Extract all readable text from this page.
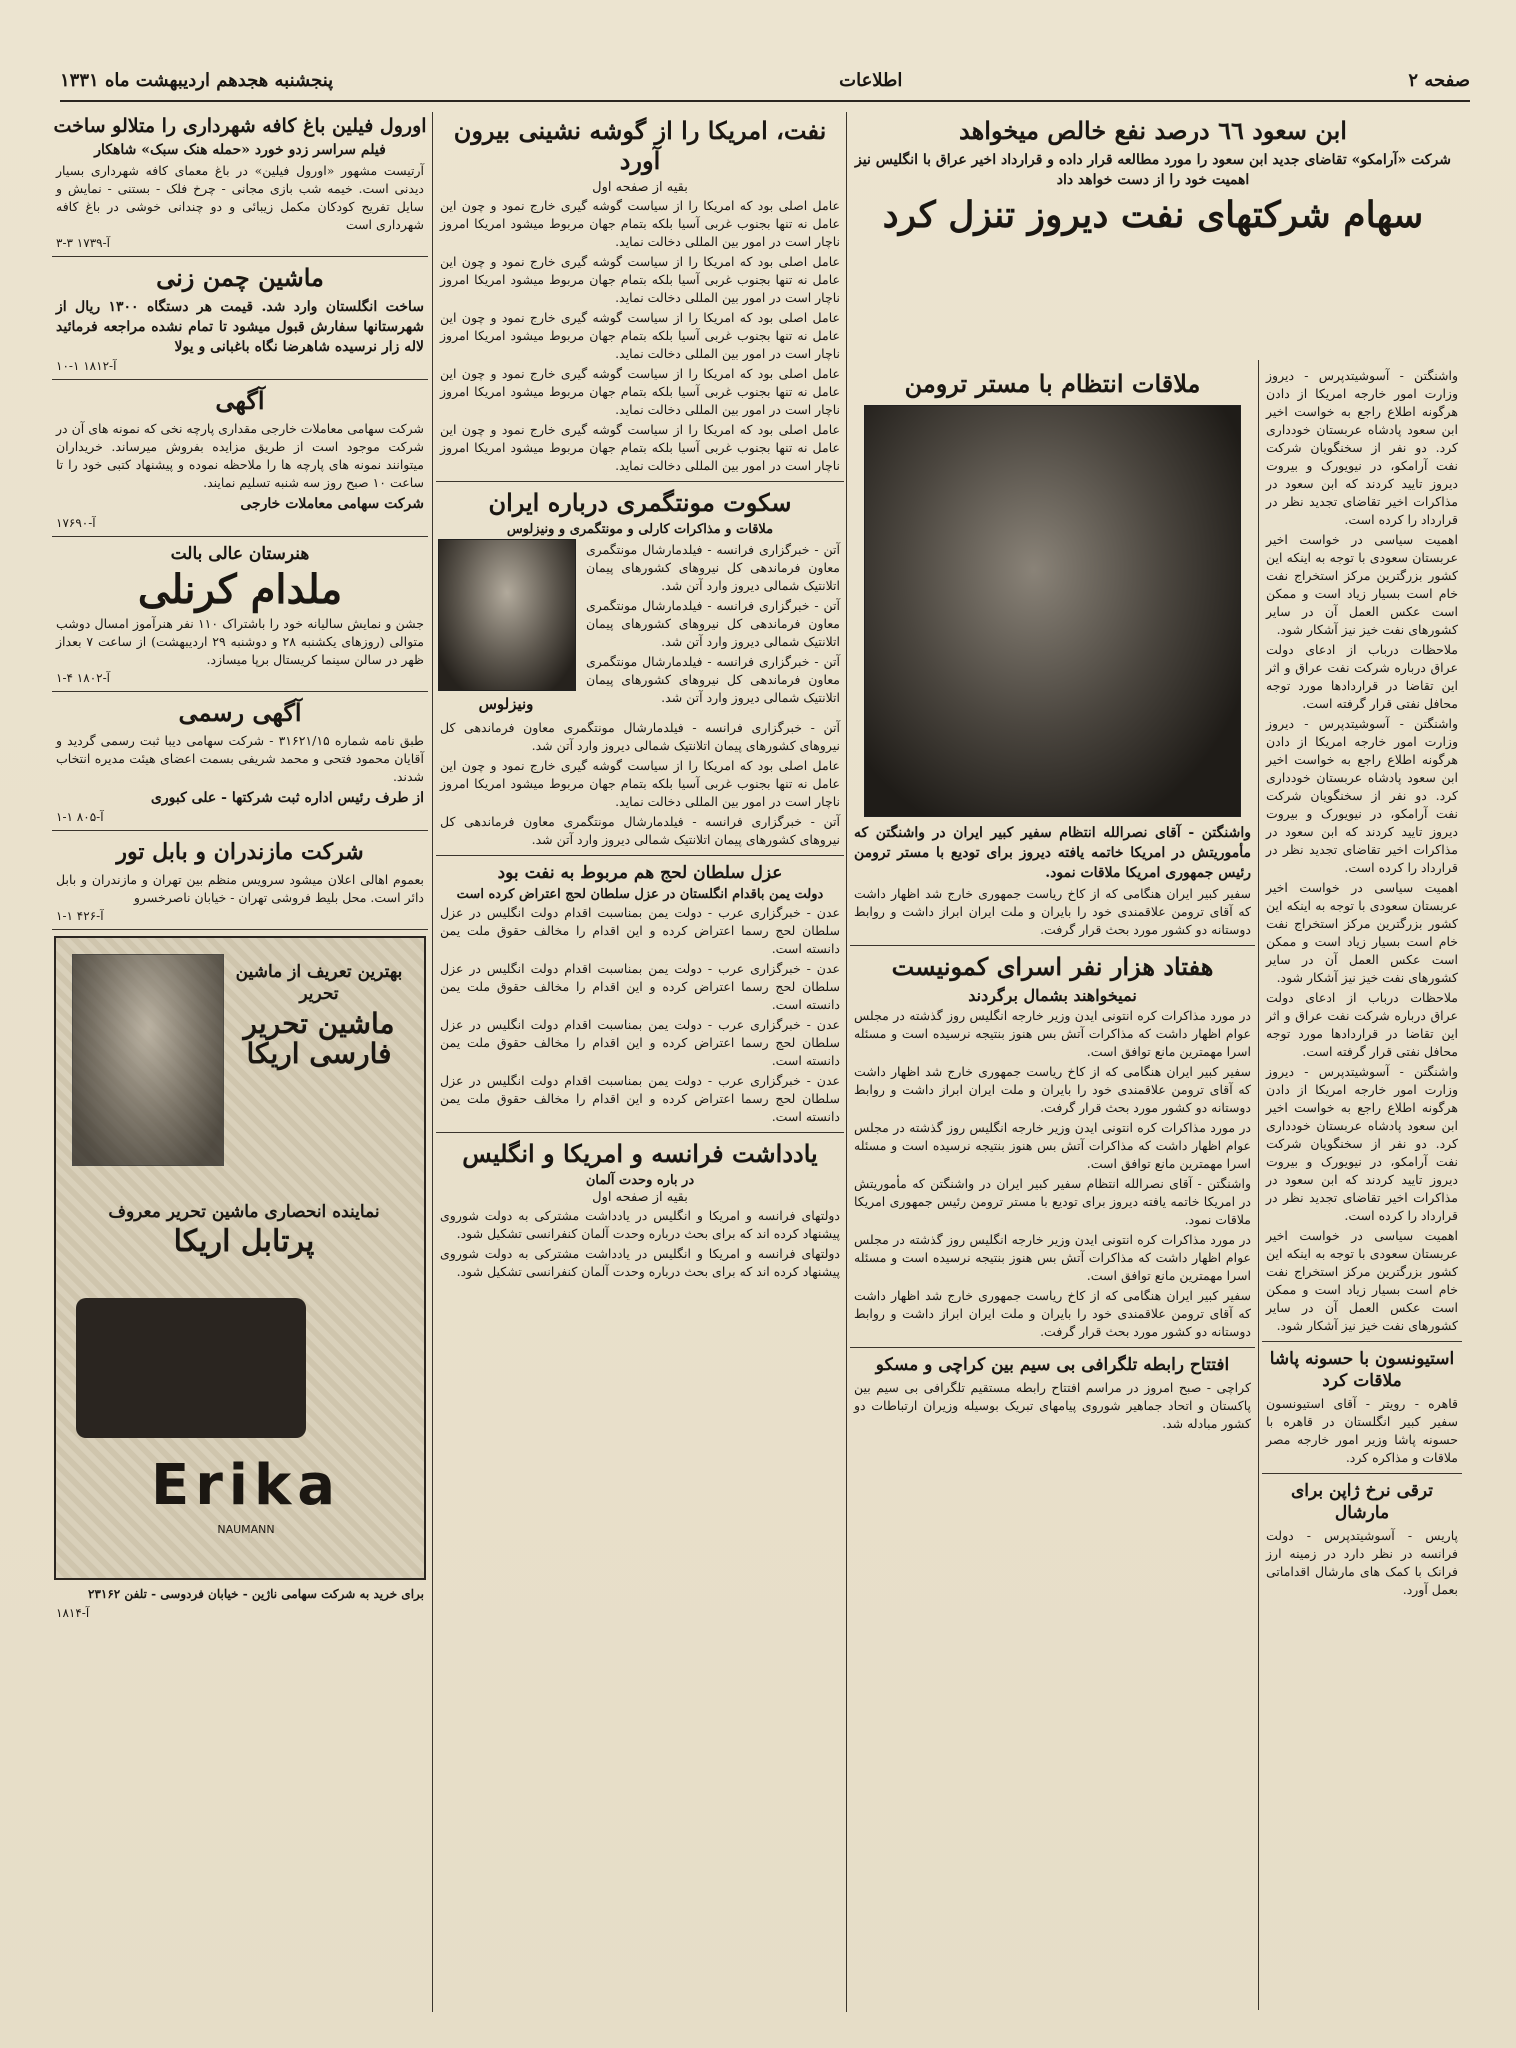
صفحه ۲
اطلاعات
پنجشنبه هجدهم اردیبهشت ماه ۱۳۳۱
ابن سعود ٦٦ درصد نفع خالص میخواهد
شرکت «آرامکو» تقاضای جدید ابن سعود را مورد مطالعه قرار داده و قرارداد اخیر عراق با انگلیس نیز اهمیت خود را از دست خواهد داد
سهام شرکتهای نفت دیروز تنزل کرد
واشنگتن - آسوشیتدپرس - دیروز وزارت امور خارجه امریکا از دادن هرگونه اطلاع راجع به خواست اخیر ابن سعود پادشاه عربستان خودداری کرد. دو نفر از سخنگویان شرکت نفت آرامکو، در نیویورک و بیروت دیروز تایید کردند که ابن سعود در مذاکرات اخیر تقاضای تجدید نظر در قرارداد را کرده است.
اهمیت سیاسی در خواست اخیر عربستان سعودی با توجه به اینکه این کشور بزرگترین مرکز استخراج نفت خام است بسیار زیاد است و ممکن است عکس العمل آن در سایر کشورهای نفت خیز نیز آشکار شود.
ملاحظات درباب از ادعای دولت عراق درباره شرکت نفت عراق و اثر این تقاضا در قراردادها مورد توجه محافل نفتی قرار گرفته است.
واشنگتن - آسوشیتدپرس - دیروز وزارت امور خارجه امریکا از دادن هرگونه اطلاع راجع به خواست اخیر ابن سعود پادشاه عربستان خودداری کرد. دو نفر از سخنگویان شرکت نفت آرامکو، در نیویورک و بیروت دیروز تایید کردند که ابن سعود در مذاکرات اخیر تقاضای تجدید نظر در قرارداد را کرده است.
اهمیت سیاسی در خواست اخیر عربستان سعودی با توجه به اینکه این کشور بزرگترین مرکز استخراج نفت خام است بسیار زیاد است و ممکن است عکس العمل آن در سایر کشورهای نفت خیز نیز آشکار شود.
ملاحظات درباب از ادعای دولت عراق درباره شرکت نفت عراق و اثر این تقاضا در قراردادها مورد توجه محافل نفتی قرار گرفته است.
واشنگتن - آسوشیتدپرس - دیروز وزارت امور خارجه امریکا از دادن هرگونه اطلاع راجع به خواست اخیر ابن سعود پادشاه عربستان خودداری کرد. دو نفر از سخنگویان شرکت نفت آرامکو، در نیویورک و بیروت دیروز تایید کردند که ابن سعود در مذاکرات اخیر تقاضای تجدید نظر در قرارداد را کرده است.
اهمیت سیاسی در خواست اخیر عربستان سعودی با توجه به اینکه این کشور بزرگترین مرکز استخراج نفت خام است بسیار زیاد است و ممکن است عکس العمل آن در سایر کشورهای نفت خیز نیز آشکار شود.
استیونسون با حسونه پاشا ملاقات کرد
قاهره - رویتر - آقای استیونسون سفیر کبیر انگلستان در قاهره با حسونه پاشا وزیر امور خارجه مصر ملاقات و مذاکره کرد.
ترقی نرخ ژاپن برای مارشال
پاریس - آسوشیتدپرس - دولت فرانسه در نظر دارد در زمینه ارز فرانک با کمک های مارشال اقداماتی بعمل آورد.
ملاقات انتظام با مستر ترومن
واشنگتن - آقای نصرالله انتظام سفیر کبیر ایران در واشنگتن که مأموریتش در امریکا خاتمه یافته دیروز برای تودیع با مستر ترومن رئیس جمهوری امریکا ملاقات نمود.
سفیر کبیر ایران هنگامی که از کاخ ریاست جمهوری خارج شد اظهار داشت که آقای ترومن علاقمندی خود را بایران و ملت ایران ابراز داشت و روابط دوستانه دو کشور مورد بحث قرار گرفت.
هفتاد هزار نفر اسرای کمونیست
نمیخواهند بشمال برگردند
در مورد مذاکرات کره انتونی ایدن وزیر خارجه انگلیس روز گذشته در مجلس عوام اظهار داشت که مذاکرات آتش بس هنوز بنتیجه نرسیده است و مسئله اسرا مهمترین مانع توافق است.
سفیر کبیر ایران هنگامی که از کاخ ریاست جمهوری خارج شد اظهار داشت که آقای ترومن علاقمندی خود را بایران و ملت ایران ابراز داشت و روابط دوستانه دو کشور مورد بحث قرار گرفت.
در مورد مذاکرات کره انتونی ایدن وزیر خارجه انگلیس روز گذشته در مجلس عوام اظهار داشت که مذاکرات آتش بس هنوز بنتیجه نرسیده است و مسئله اسرا مهمترین مانع توافق است.
واشنگتن - آقای نصرالله انتظام سفیر کبیر ایران در واشنگتن که مأموریتش در امریکا خاتمه یافته دیروز برای تودیع با مستر ترومن رئیس جمهوری امریکا ملاقات نمود.
در مورد مذاکرات کره انتونی ایدن وزیر خارجه انگلیس روز گذشته در مجلس عوام اظهار داشت که مذاکرات آتش بس هنوز بنتیجه نرسیده است و مسئله اسرا مهمترین مانع توافق است.
سفیر کبیر ایران هنگامی که از کاخ ریاست جمهوری خارج شد اظهار داشت که آقای ترومن علاقمندی خود را بایران و ملت ایران ابراز داشت و روابط دوستانه دو کشور مورد بحث قرار گرفت.
افتتاح رابطه تلگرافی بی سیم بین کراچی و مسکو
کراچی - صبح امروز در مراسم افتتاح رابطه مستقیم تلگرافی بی سیم بین پاکستان و اتحاد جماهیر شوروی پیامهای تبریک بوسیله وزیران ارتباطات دو کشور مبادله شد.
نفت، امریکا را از گوشه نشینی بیرون آورد
بقیه از صفحه اول
عامل اصلی بود که امریکا را از سیاست گوشه گیری خارج نمود و چون این عامل نه تنها بجنوب غربی آسیا بلکه بتمام جهان مربوط میشود امریکا امروز ناچار است در امور بین المللی دخالت نماید.
عامل اصلی بود که امریکا را از سیاست گوشه گیری خارج نمود و چون این عامل نه تنها بجنوب غربی آسیا بلکه بتمام جهان مربوط میشود امریکا امروز ناچار است در امور بین المللی دخالت نماید.
عامل اصلی بود که امریکا را از سیاست گوشه گیری خارج نمود و چون این عامل نه تنها بجنوب غربی آسیا بلکه بتمام جهان مربوط میشود امریکا امروز ناچار است در امور بین المللی دخالت نماید.
عامل اصلی بود که امریکا را از سیاست گوشه گیری خارج نمود و چون این عامل نه تنها بجنوب غربی آسیا بلکه بتمام جهان مربوط میشود امریکا امروز ناچار است در امور بین المللی دخالت نماید.
عامل اصلی بود که امریکا را از سیاست گوشه گیری خارج نمود و چون این عامل نه تنها بجنوب غربی آسیا بلکه بتمام جهان مربوط میشود امریکا امروز ناچار است در امور بین المللی دخالت نماید.
سکوت مونتگمری درباره ایران
ملاقات و مذاکرات کارلی و مونتگمری و ونیزلوس
آتن - خبرگزاری فرانسه - فیلدمارشال مونتگمری معاون فرماندهی کل نیروهای کشورهای پیمان اتلانتیک شمالی دیروز وارد آتن شد.
آتن - خبرگزاری فرانسه - فیلدمارشال مونتگمری معاون فرماندهی کل نیروهای کشورهای پیمان اتلانتیک شمالی دیروز وارد آتن شد.
آتن - خبرگزاری فرانسه - فیلدمارشال مونتگمری معاون فرماندهی کل نیروهای کشورهای پیمان اتلانتیک شمالی دیروز وارد آتن شد.
ونیزلوس
آتن - خبرگزاری فرانسه - فیلدمارشال مونتگمری معاون فرماندهی کل نیروهای کشورهای پیمان اتلانتیک شمالی دیروز وارد آتن شد.
عامل اصلی بود که امریکا را از سیاست گوشه گیری خارج نمود و چون این عامل نه تنها بجنوب غربی آسیا بلکه بتمام جهان مربوط میشود امریکا امروز ناچار است در امور بین المللی دخالت نماید.
آتن - خبرگزاری فرانسه - فیلدمارشال مونتگمری معاون فرماندهی کل نیروهای کشورهای پیمان اتلانتیک شمالی دیروز وارد آتن شد.
عزل سلطان لحج هم مربوط به نفت بود
دولت یمن باقدام انگلستان در عزل سلطان لحج اعتراض کرده است
عدن - خبرگزاری عرب - دولت یمن بمناسبت اقدام دولت انگلیس در عزل سلطان لحج رسما اعتراض کرده و این اقدام را مخالف حقوق ملت یمن دانسته است.
عدن - خبرگزاری عرب - دولت یمن بمناسبت اقدام دولت انگلیس در عزل سلطان لحج رسما اعتراض کرده و این اقدام را مخالف حقوق ملت یمن دانسته است.
عدن - خبرگزاری عرب - دولت یمن بمناسبت اقدام دولت انگلیس در عزل سلطان لحج رسما اعتراض کرده و این اقدام را مخالف حقوق ملت یمن دانسته است.
عدن - خبرگزاری عرب - دولت یمن بمناسبت اقدام دولت انگلیس در عزل سلطان لحج رسما اعتراض کرده و این اقدام را مخالف حقوق ملت یمن دانسته است.
یادداشت فرانسه و امریکا و انگلیس
در باره وحدت آلمان
بقیه از صفحه اول
دولتهای فرانسه و امریکا و انگلیس در یادداشت مشترکی به دولت شوروی پیشنهاد کرده اند که برای بحث درباره وحدت آلمان کنفرانسی تشکیل شود.
دولتهای فرانسه و امریکا و انگلیس در یادداشت مشترکی به دولت شوروی پیشنهاد کرده اند که برای بحث درباره وحدت آلمان کنفرانسی تشکیل شود.
اورول فیلین باغ کافه شهرداری را متلالو ساخت
فیلم سراسر زدو خورد «حمله هنک سبک» شاهکار
آرتیست مشهور «اورول فیلین» در باغ معمای کافه شهرداری بسیار دیدنی است. خیمه شب بازی مجانی - چرخ فلک - بستنی - نمایش و سایل تفریح کودکان مکمل زیبائی و دو چندانی خوشی در باغ کافه شهرداری است
آ-۱۷۳۹ ۳-۳
ماشین چمن زنی
ساخت انگلستان وارد شد. قیمت هر دستگاه ۱۳۰۰ ریال از شهرستانها سفارش قبول میشود تا تمام نشده مراجعه فرمائید لاله زار نرسیده شاهرضا نگاه باغبانی و یولا
آ-۱۸۱۲ ۱-۱۰
آگهی
شرکت سهامی معاملات خارجی مقداری پارچه نخی که نمونه های آن در شرکت موجود است از طریق مزایده بفروش میرساند. خریداران میتوانند نمونه های پارچه ها را ملاحظه نموده و پیشنهاد کتبی خود را تا ساعت ۱۰ صبح روز سه شنبه تسلیم نمایند.
شرکت سهامی معاملات خارجی
آ-۱۷۶۹۰
هنرستان عالی بالت
ملدام کرنلی
جشن و نمایش سالیانه خود را باشتراک ۱۱۰ نفر هنرآموز امسال دوشب متوالی (روزهای یکشنبه ۲۸ و دوشنبه ۲۹ اردیبهشت) از ساعت ۷ بعداز ظهر در سالن سینما کریستال برپا میسازد.
آ-۱۸۰۲ ۴-۱
آگهی رسمی
طبق نامه شماره ۳۱۶۲۱/۱۵ - شرکت سهامی دیبا ثبت رسمی گردید و آقایان محمود فتحی و محمد شریفی بسمت اعضای هیئت مدیره انتخاب شدند.
از طرف رئیس اداره ثبت شرکتها - علی کبوری
آ-۸۰۵ ۱-۱
شرکت مازندران و بابل تور
بعموم اهالی اعلان میشود سرویس منظم بین تهران و مازندران و بابل دائر است. محل بلیط فروشی تهران - خیابان ناصرخسرو
آ-۴۲۶ ۱-۱
بهترین تعریف از ماشین تحریر
ماشین تحریر فارسی اریکا
نماینده انحصاری ماشین تحریر معروف
پرتابل اریکا
Erika
NAUMANN
برای خرید به شرکت سهامی ناژین - خیابان فردوسی - تلفن ۲۳۱۶۲
آ-۱۸۱۴
